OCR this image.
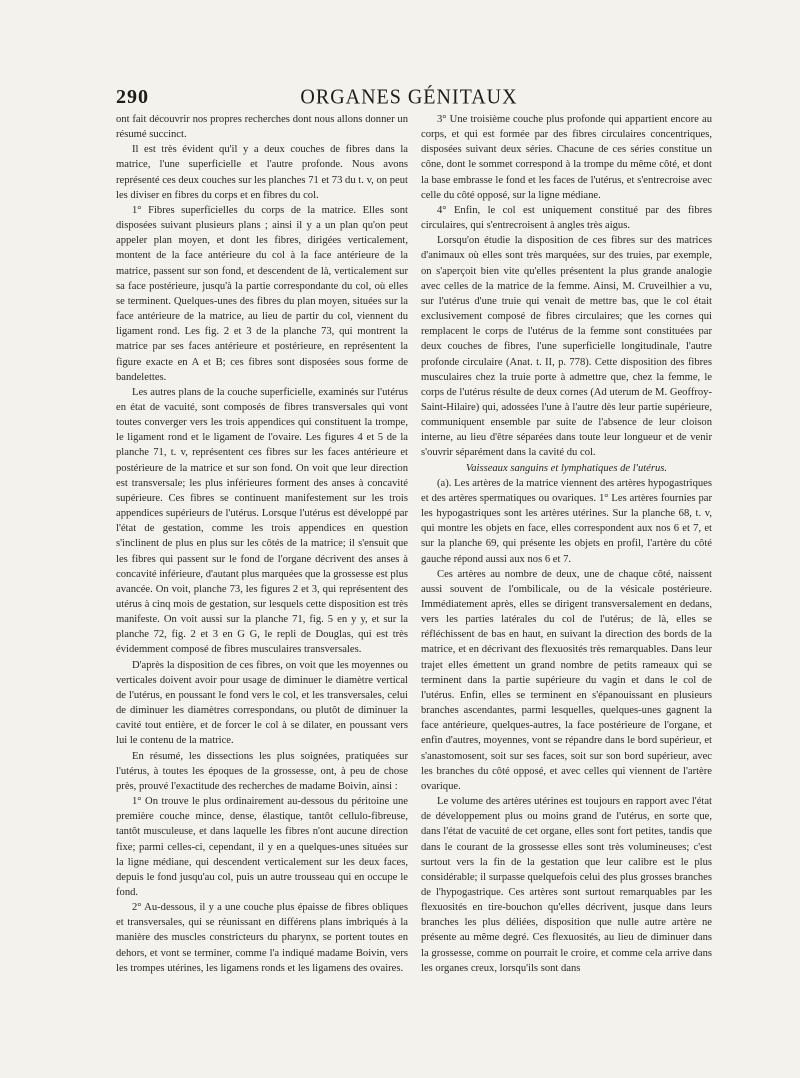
290	ORGANES GÉNITAUX

ont fait découvrir nos propres recherches dont nous allons donner un résumé succinct.

Il est très évident qu'il y a deux couches de fibres dans la matrice, l'une superficielle et l'autre profonde. Nous avons représenté ces deux couches sur les planches 71 et 73 du t. v, on peut les diviser en fibres du corps et en fibres du col.

1° Fibres superficielles du corps de la matrice. Elles sont disposées suivant plusieurs plans ; ainsi il y a un plan qu'on peut appeler plan moyen, et dont les fibres, dirigées verticalement, montent de la face antérieure du col à la face antérieure de la matrice, passent sur son fond, et descendent de là, verticalement sur sa face postérieure, jusqu'à la partie correspondante du col, où elles se terminent. Quelques-unes des fibres du plan moyen, situées sur la face antérieure de la matrice, au lieu de partir du col, viennent du ligament rond. Les fig. 2 et 3 de la planche 73, qui montrent la matrice par ses faces antérieure et postérieure, en représentent la figure exacte en A et B; ces fibres sont disposées sous forme de bandelettes.

Les autres plans de la couche superficielle, examinés sur l'utérus en état de vacuité, sont composés de fibres transversales qui vont toutes converger vers les trois appendices qui constituent la trompe, le ligament rond et le ligament de l'ovaire. Les figures 4 et 5 de la planche 71, t. v, représentent ces fibres sur les faces antérieure et postérieure de la matrice et sur son fond. On voit que leur direction est transversale; les plus inférieures forment des anses à concavité supérieure. Ces fibres se continuent manifestement sur les trois appendices supérieurs de l'utérus. Lorsque l'utérus est développé par l'état de gestation, comme les trois appendices en question s'inclinent de plus en plus sur les côtés de la matrice; il s'ensuit que les fibres qui passent sur le fond de l'organe décrivent des anses à concavité inférieure, d'autant plus marquées que la grossesse est plus avancée. On voit, planche 73, les figures 2 et 3, qui représentent des utérus à cinq mois de gestation, sur lesquels cette disposition est très manifeste. On voit aussi sur la planche 71, fig. 5 en y y, et sur la planche 72, fig. 2 et 3 en G G, le repli de Douglas, qui est très évidemment composé de fibres musculaires transversales.

D'après la disposition de ces fibres, on voit que les moyennes ou verticales doivent avoir pour usage de diminuer le diamètre vertical de l'utérus, en poussant le fond vers le col, et les transversales, celui de diminuer les diamètres correspondans, ou plutôt de diminuer la cavité tout entière, et de forcer le col à se dilater, en poussant vers lui le contenu de la matrice.

En résumé, les dissections les plus soignées, pratiquées sur l'utérus, à toutes les époques de la grossesse, ont, à peu de chose près, prouvé l'exactitude des recherches de madame Boivin, ainsi :

1° On trouve le plus ordinairement au-dessous du péritoine une première couche mince, dense, élastique, tantôt cellulo-fibreuse, tantôt musculeuse, et dans laquelle les fibres n'ont aucune direction fixe; parmi celles-ci, cependant, il y en a quelques-unes situées sur la ligne médiane, qui descendent verticalement sur les deux faces, depuis le fond jusqu'au col, puis un autre trousseau qui en occupe le fond.

2° Au-dessous, il y a une couche plus épaisse de fibres obliques et transversales, qui se réunissant en différens plans imbriqués à la manière des muscles constricteurs du pharynx, se portent toutes en dehors, et vont se terminer, comme l'a indiqué madame Boivin, vers les trompes utérines, les ligamens ronds et les ligamens des ovaires.

3° Une troisième couche plus profonde qui appartient encore au corps, et qui est formée par des fibres circulaires concentriques, disposées suivant deux séries. Chacune de ces séries constitue un cône, dont le sommet correspond à la trompe du même côté, et dont la base embrasse le fond et les faces de l'utérus, et s'entrecroise avec celle du côté opposé, sur la ligne médiane.

4° Enfin, le col est uniquement constitué par des fibres circulaires, qui s'entrecroisent à angles très aigus.

Lorsqu'on étudie la disposition de ces fibres sur des matrices d'animaux où elles sont très marquées, sur des truies, par exemple, on s'aperçoit bien vite qu'elles présentent la plus grande analogie avec celles de la matrice de la femme. Ainsi, M. Cruveilhier a vu, sur l'utérus d'une truie qui venait de mettre bas, que le col était exclusivement composé de fibres circulaires; que les cornes qui remplacent le corps de l'utérus de la femme sont constituées par deux couches de fibres, l'une superficielle longitudinale, l'autre profonde circulaire (Anat. t. II, p. 778). Cette disposition des fibres musculaires chez la truie porte à admettre que, chez la femme, le corps de l'utérus résulte de deux cornes (Ad uterum de M. Geoffroy-Saint-Hilaire) qui, adossées l'une à l'autre dès leur partie supérieure, communiquent ensemble par suite de l'absence de leur cloison interne, au lieu d'être séparées dans toute leur longueur et de venir s'ouvrir séparément dans la cavité du col.

Vaisseaux sanguins et lymphatiques de l'utérus.

(a). Les artères de la matrice viennent des artères hypogastriques et des artères spermatiques ou ovariques. 1° Les artères fournies par les hypogastriques sont les artères utérines. Sur la planche 68, t. v, qui montre les objets en face, elles correspondent aux nos 6 et 7, et sur la planche 69, qui présente les objets en profil, l'artère du côté gauche répond aussi aux nos 6 et 7.

Ces artères au nombre de deux, une de chaque côté, naissent aussi souvent de l'ombilicale, ou de la vésicale postérieure. Immédiatement après, elles se dirigent transversalement en dedans, vers les parties latérales du col de l'utérus; de là, elles se réfléchissent de bas en haut, en suivant la direction des bords de la matrice, et en décrivant des flexuosités très remarquables. Dans leur trajet elles émettent un grand nombre de petits rameaux qui se terminent dans la partie supérieure du vagin et dans le col de l'utérus. Enfin, elles se terminent en s'épanouissant en plusieurs branches ascendantes, parmi lesquelles, quelques-unes gagnent la face antérieure, quelques-autres, la face postérieure de l'organe, et enfin d'autres, moyennes, vont se répandre dans le bord supérieur, et s'anastomosent, soit sur ses faces, soit sur son bord supérieur, avec les branches du côté opposé, et avec celles qui viennent de l'artère ovarique.

Le volume des artères utérines est toujours en rapport avec l'état de développement plus ou moins grand de l'utérus, en sorte que, dans l'état de vacuité de cet organe, elles sont fort petites, tandis que dans le courant de la grossesse elles sont très volumineuses; c'est surtout vers la fin de la gestation que leur calibre est le plus considérable; il surpasse quelquefois celui des plus grosses branches de l'hypogastrique. Ces artères sont surtout remarquables par les flexuosités en tire-bouchon qu'elles décrivent, jusque dans leurs branches les plus déliées, disposition que nulle autre artère ne présente au même degré. Ces flexuosités, au lieu de diminuer dans la grossesse, comme on pourrait le croire, et comme cela arrive dans les organes creux, lorsqu'ils sont dans
